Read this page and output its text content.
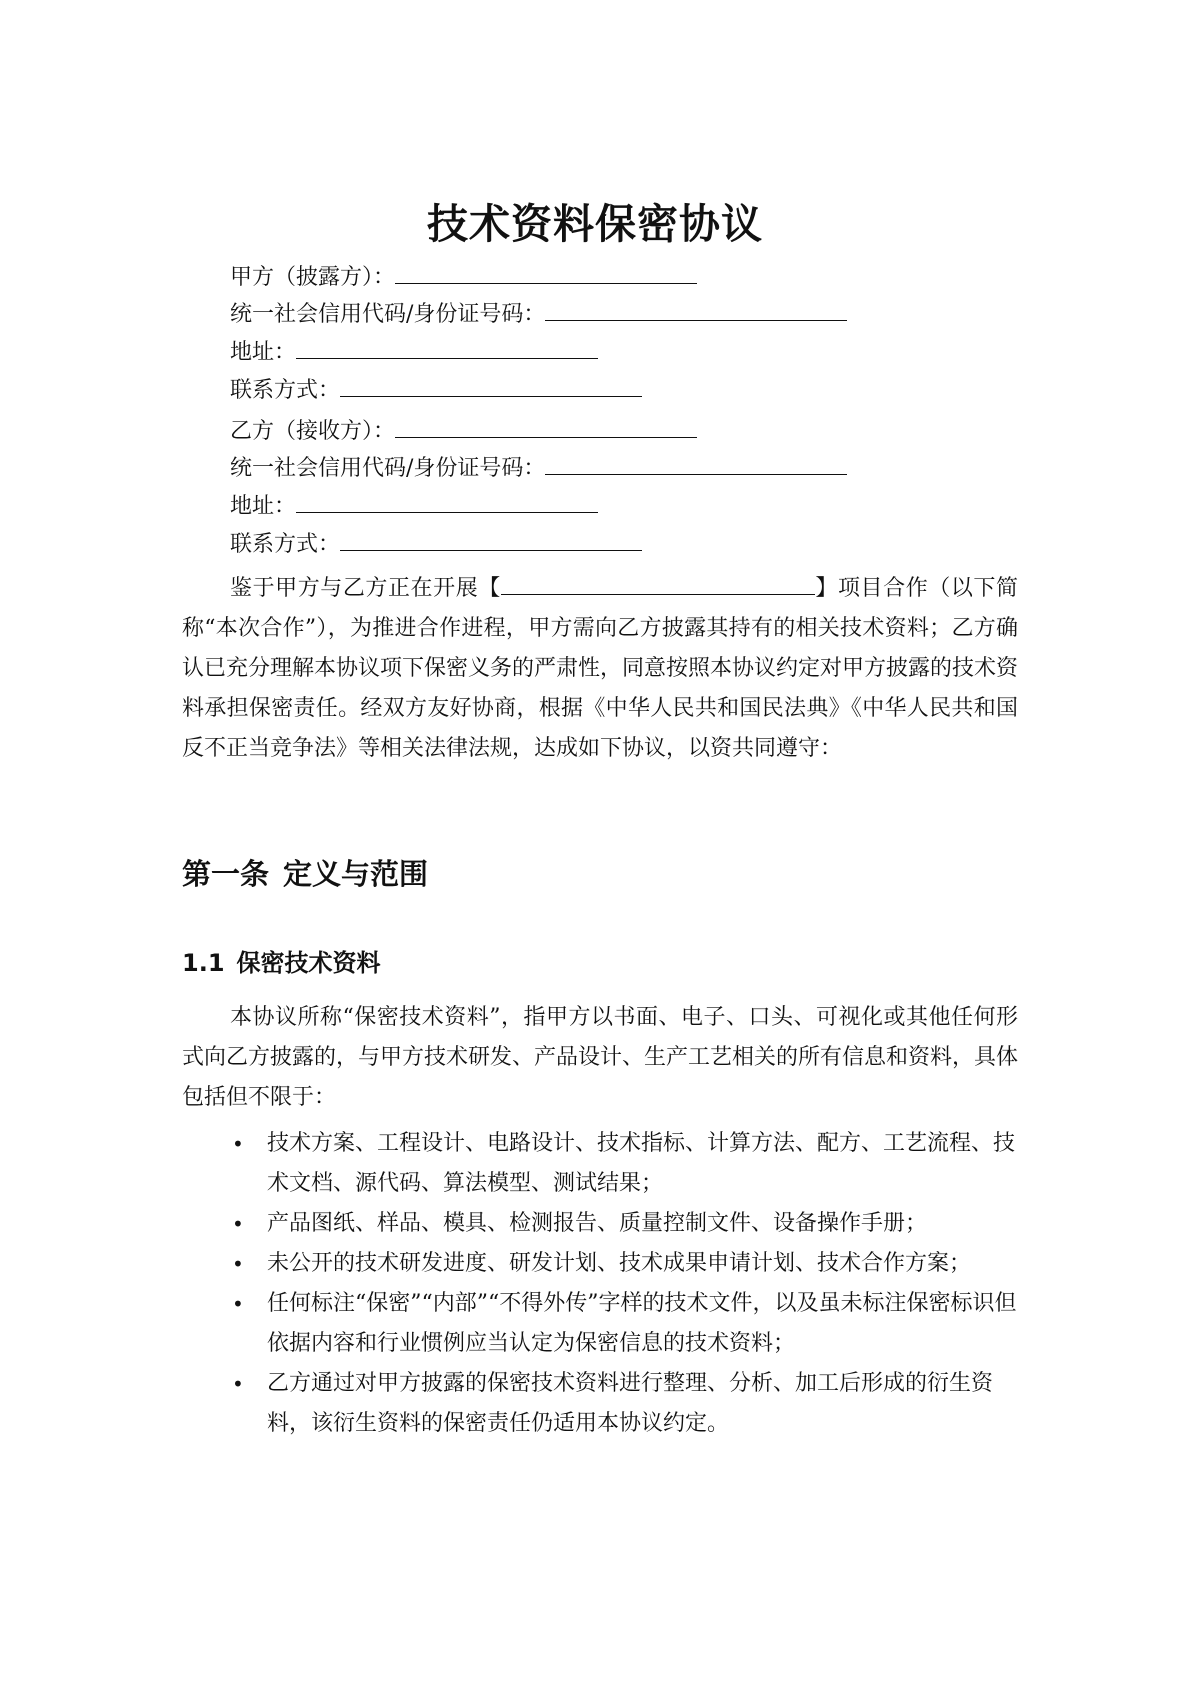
技术资料保密协议
甲方（披露方）：
统一社会信用代码/身份证号码：
地址：
联系方式：
乙方（接收方）：
统一社会信用代码/身份证号码：
地址：
联系方式：

鉴于甲方与乙方正在开展【	】项目合作（以下简称“本次合作”），为推进合作进程，甲方需向乙方披露其持有的相关技术资料；乙方确认已充分理解本协议项下保密义务的严肃性，同意按照本协议约定对甲方披露的技术资料承担保密责任。经双方友好协商，根据《中华人民共和国民法典》《中华人民共和国反不正当竞争法》等相关法律法规，达成如下协议，以资共同遵守：

第一条 定义与范围
1.1 保密技术资料

本协议所称“保密技术资料”，指甲方以书面、电子、口头、可视化或其他任何形式向乙方披露的，与甲方技术研发、产品设计、生产工艺相关的所有信息和资料，具体包括但不限于：

• 技术方案、工程设计、电路设计、技术指标、计算方法、配方、工艺流程、技术文档、源代码、算法模型、测试结果；
• 产品图纸、样品、模具、检测报告、质量控制文件、设备操作手册；
• 未公开的技术研发进度、研发计划、技术成果申请计划、技术合作方案；
• 任何标注“保密”“内部”“不得外传”字样的技术文件，以及虽未标注保密标识但依据内容和行业惯例应当认定为保密信息的技术资料；
• 乙方通过对甲方披露的保密技术资料进行整理、分析、加工后形成的衍生资料，该衍生资料的保密责任仍适用本协议约定。
